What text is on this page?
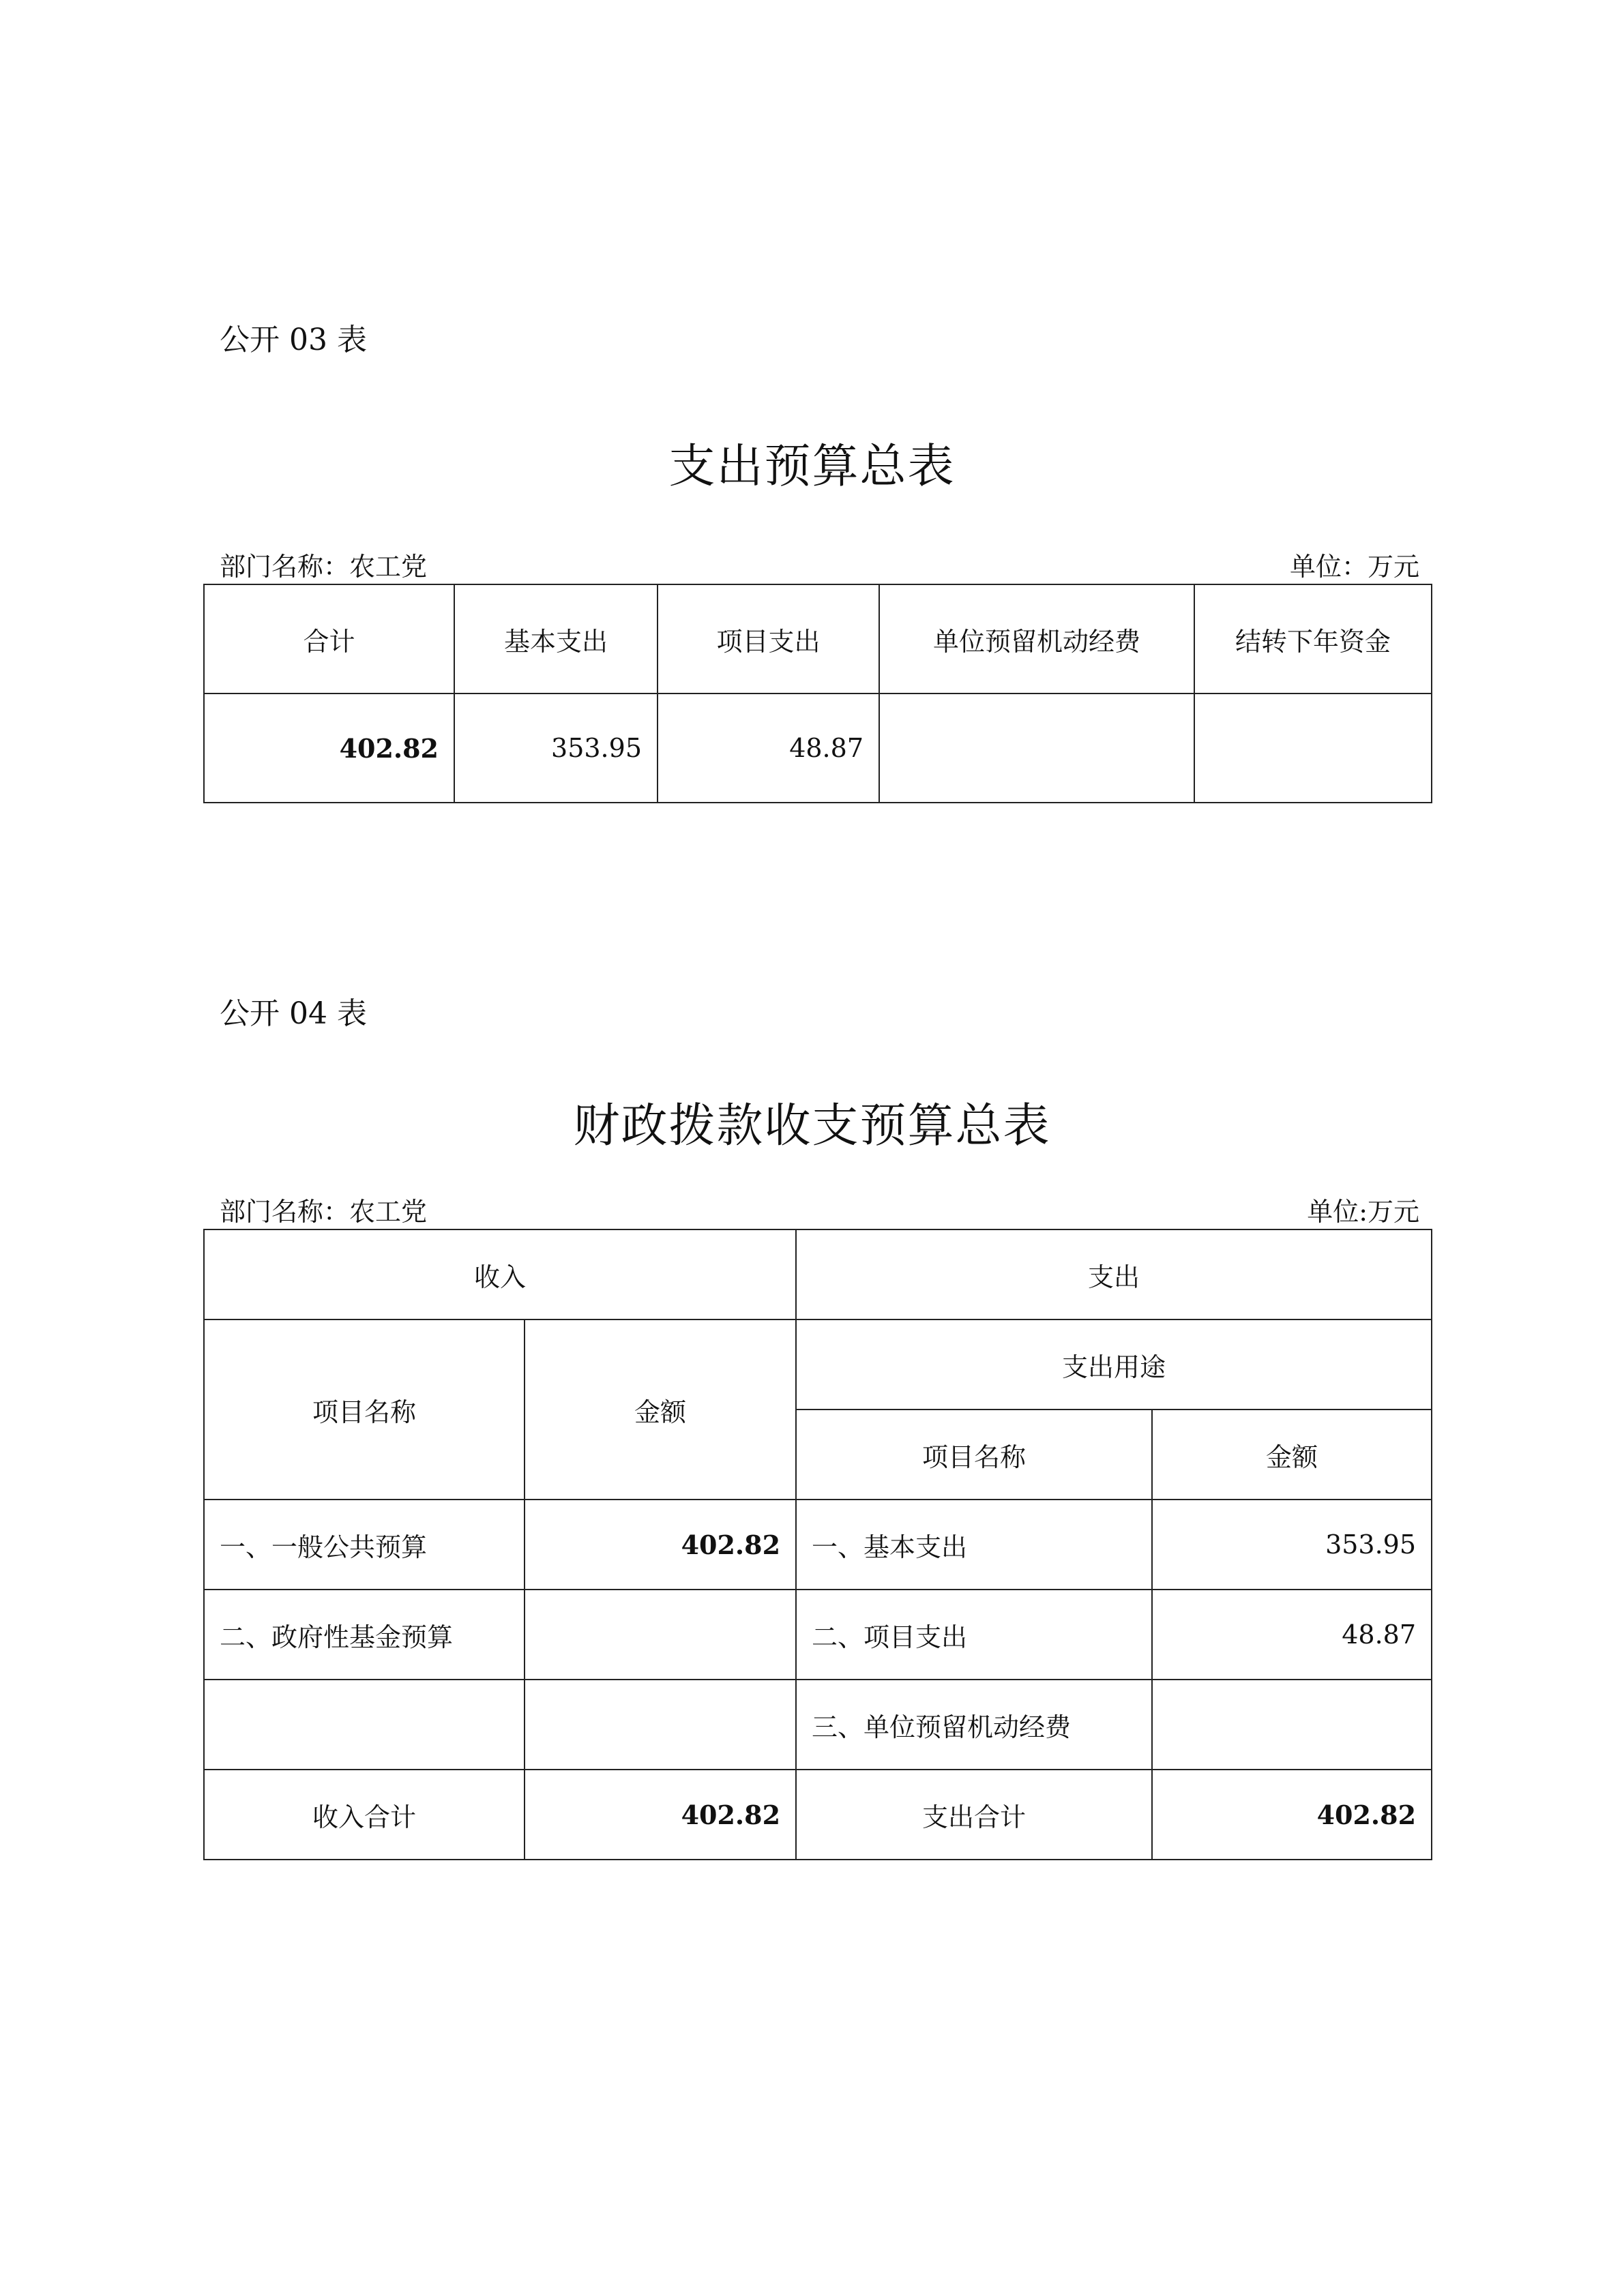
公开 03 表
支出预算总表
部门名称：农工党	单位：万元
合计	基本支出	项目支出	单位预留机动经费	结转下年资金
402.82	353.95	48.87		
公开 04 表
财政拨款收支预算总表
部门名称：农工党	单位:万元
收入		支出	
项目名称	金额	支出用途	
		项目名称	金额
一、一般公共预算	402.82	一、基本支出	353.95
二、政府性基金预算		二、项目支出	48.87
		三、单位预留机动经费	
收入合计	402.82	支出合计	402.82
